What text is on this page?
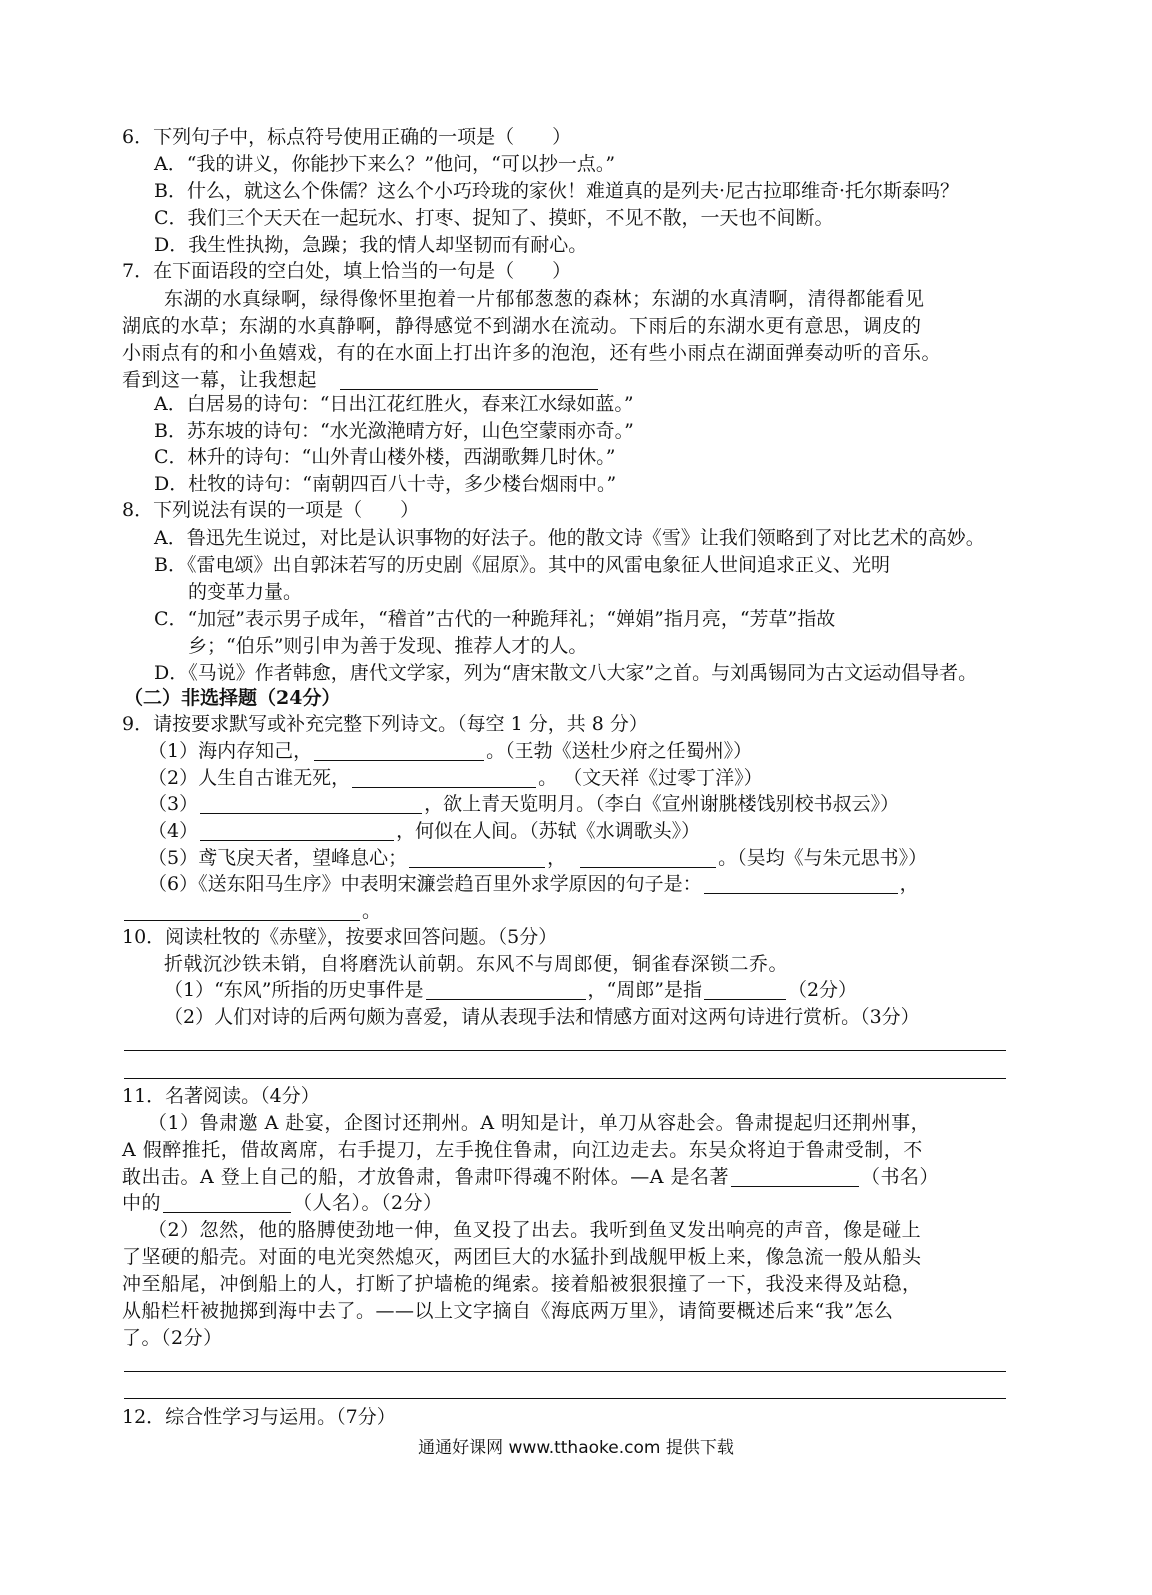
6．下列句子中，标点符号使用正确的一项是（　　）
A．“我的讲义，你能抄下来么？”他问，“可以抄一点。”
B．什么，就这么个侏儒？这么个小巧玲珑的家伙！难道真的是列夫·尼古拉耶维奇·托尔斯泰吗？
C．我们三个天天在一起玩水、打枣、捉知了、摸虾，不见不散，一天也不间断。
D．我生性执拗，急躁；我的情人却坚韧而有耐心。
7．在下面语段的空白处，填上恰当的一句是（　　）
东湖的水真绿啊，绿得像怀里抱着一片郁郁葱葱的森林；东湖的水真清啊，清得都能看见
湖底的水草；东湖的水真静啊，静得感觉不到湖水在流动。下雨后的东湖水更有意思，调皮的
小雨点有的和小鱼嬉戏，有的在水面上打出许多的泡泡，还有些小雨点在湖面弹奏动听的音乐。
看到这一幕，让我想起
A．白居易的诗句：“日出江花红胜火，春来江水绿如蓝。”
B．苏东坡的诗句：“水光潋滟晴方好，山色空蒙雨亦奇。”
C．林升的诗句：“山外青山楼外楼，西湖歌舞几时休。”
D．杜牧的诗句：“南朝四百八十寺，多少楼台烟雨中。”
8．下列说法有误的一项是（　　）
A．鲁迅先生说过，对比是认识事物的好法子。他的散文诗《雪》让我们领略到了对比艺术的高妙。
B．《雷电颂》出自郭沫若写的历史剧《屈原》。其中的风雷电象征人世间追求正义、光明
的变革力量。
C．“加冠”表示男子成年，“稽首”古代的一种跪拜礼；“婵娟”指月亮，“芳草”指故
乡；“伯乐”则引申为善于发现、推荐人才的人。
D．《马说》作者韩愈，唐代文学家，列为“唐宋散文八大家”之首。与刘禹锡同为古文运动倡导者。
（二）非选择题（24分）
9．请按要求默写或补充完整下列诗文。（每空 1 分，共 8 分）
（1）海内存知己，	。（王勃《送杜少府之任蜀州》）
（2）人生自古谁无死，	。 （文天祥《过零丁洋》）
（3）	，欲上青天览明月。（李白《宣州谢朓楼饯别校书叔云》）
（4）	，何似在人间。（苏轼《水调歌头》）
（5）鸢飞戾天者，望峰息心；	，	。（吴均《与朱元思书》）
（6）《送东阳马生序》中表明宋濂尝趋百里外求学原因的句子是：	，
。
10．阅读杜牧的《赤壁》，按要求回答问题。（5分）
折戟沉沙铁未销，自将磨洗认前朝。东风不与周郎便，铜雀春深锁二乔。
（1）“东风”所指的历史事件是	，“周郎”是指	（2分）
（2）人们对诗的后两句颇为喜爱，请从表现手法和情感方面对这两句诗进行赏析。（3分）
11．名著阅读。（4分）
（1）鲁肃邀 A 赴宴，企图讨还荆州。A 明知是计，单刀从容赴会。鲁肃提起归还荆州事，
A 假醉推托，借故离席，右手提刀，左手挽住鲁肃，向江边走去。东吴众将迫于鲁肃受制，不
敢出击。A 登上自己的船，才放鲁肃，鲁肃吓得魂不附体。—A 是名著	（书名）
中的	（人名）。（2分）
（2）忽然，他的胳膊使劲地一伸，鱼叉投了出去。我听到鱼叉发出响亮的声音，像是碰上
了坚硬的船壳。对面的电光突然熄灭，两团巨大的水猛扑到战舰甲板上来，像急流一般从船头
冲至船尾，冲倒船上的人，打断了护墙桅的绳索。接着船被狠狠撞了一下，我没来得及站稳，
从船栏杆被抛掷到海中去了。——以上文字摘自《海底两万里》，请简要概述后来“我”怎么
了。（2分）
12．综合性学习与运用。（7分）
通通好课网 www.tthaoke.com 提供下载
